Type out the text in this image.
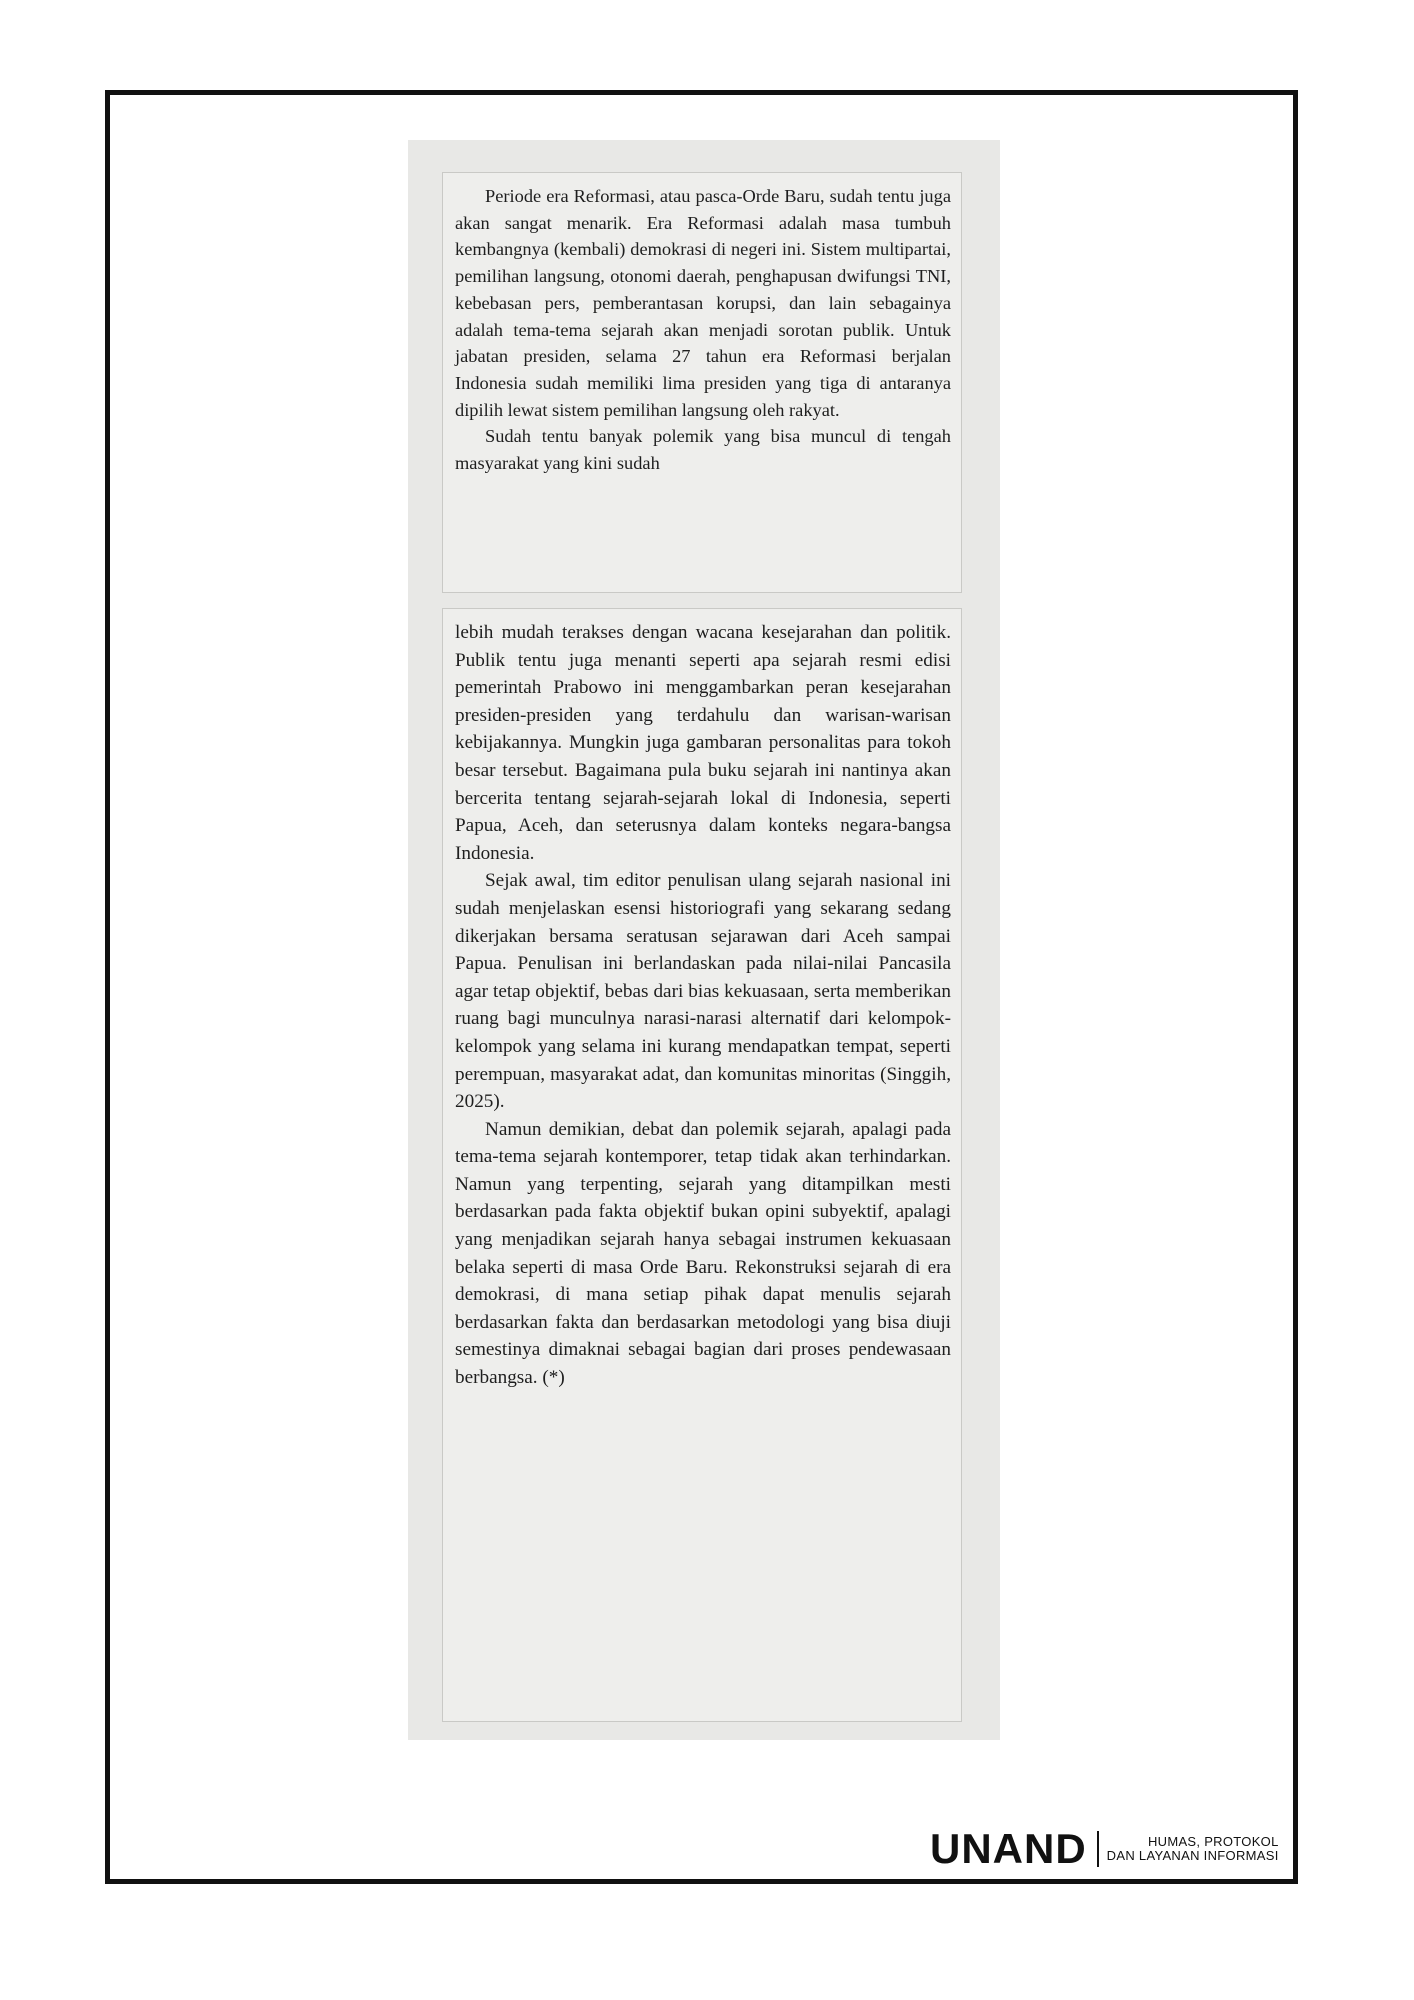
Periode era Reformasi, atau pasca-Orde Baru, sudah tentu juga akan sangat menarik. Era Reformasi adalah masa tumbuh kembangnya (kembali) demokrasi di negeri ini. Sistem multipartai, pemilihan langsung, otonomi daerah, penghapusan dwifungsi TNI, kebebasan pers, pemberantasan korupsi, dan lain sebagainya adalah tema-tema sejarah akan menjadi sorotan publik. Untuk jabatan presiden, selama 27 tahun era Reformasi berjalan Indonesia sudah memiliki lima presiden yang tiga di antaranya dipilih lewat sistem pemilihan langsung oleh rakyat.

Sudah tentu banyak polemik yang bisa muncul di tengah masyarakat yang kini sudah

lebih mudah terakses dengan wacana kesejarahan dan politik. Publik tentu juga menanti seperti apa sejarah resmi edisi pemerintah Prabowo ini menggambarkan peran kesejarahan presiden-presiden yang terdahulu dan warisan-warisan kebijakannya. Mungkin juga gambaran personalitas para tokoh besar tersebut. Bagaimana pula buku sejarah ini nantinya akan bercerita tentang sejarah-sejarah lokal di Indonesia, seperti Papua, Aceh, dan seterusnya dalam konteks negara-bangsa Indonesia.

Sejak awal, tim editor penulisan ulang sejarah nasional ini sudah menjelaskan esensi historiografi yang sekarang sedang dikerjakan bersama seratusan sejarawan dari Aceh sampai Papua. Penulisan ini berlandaskan pada nilai-nilai Pancasila agar tetap objektif, bebas dari bias kekuasaan, serta memberikan ruang bagi munculnya narasi-narasi alternatif dari kelompok-kelompok yang selama ini kurang mendapatkan tempat, seperti perempuan, masyarakat adat, dan komunitas minoritas (Singgih, 2025).

Namun demikian, debat dan polemik sejarah, apalagi pada tema-tema sejarah kontemporer, tetap tidak akan terhindarkan. Namun yang terpenting, sejarah yang ditampilkan mesti berdasarkan pada fakta objektif bukan opini subyektif, apalagi yang menjadikan sejarah hanya sebagai instrumen kekuasaan belaka seperti di masa Orde Baru. Rekonstruksi sejarah di era demokrasi, di mana setiap pihak dapat menulis sejarah berdasarkan fakta dan berdasarkan metodologi yang bisa diuji semestinya dimaknai sebagai bagian dari proses pendewasaan berbangsa. (*)

UNAND	HUMAS, PROTOKOL
DAN LAYANAN INFORMASI
